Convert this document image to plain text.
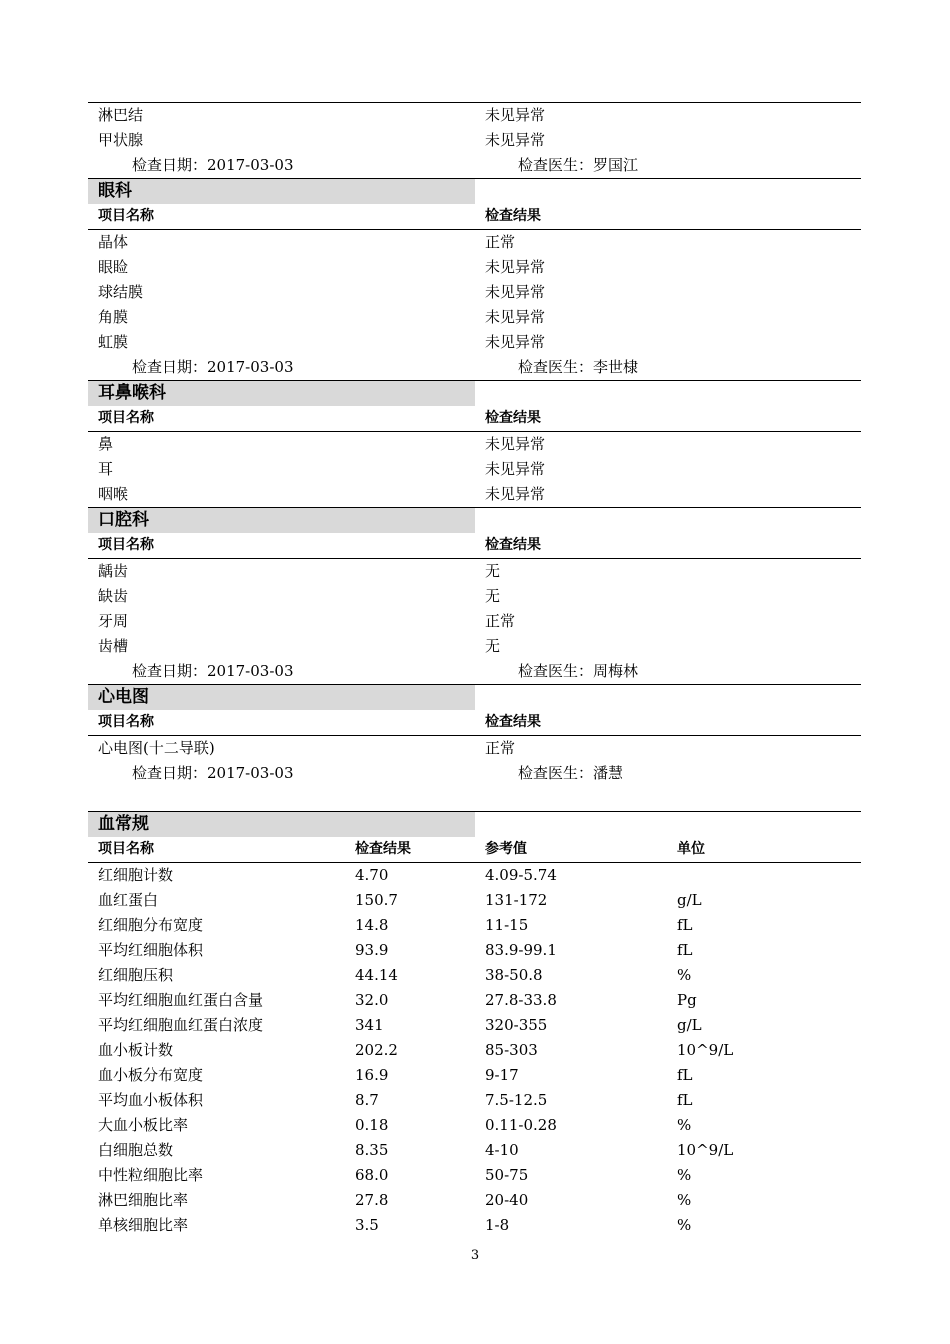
淋巴结	未见异常
甲状腺	未见异常
检查日期：2017-03-03	检查医生：罗国江
眼科
项目名称	检查结果
晶体	正常
眼睑	未见异常
球结膜	未见异常
角膜	未见异常
虹膜	未见异常
检查日期：2017-03-03	检查医生：李世棣
耳鼻喉科
项目名称	检查结果
鼻	未见异常
耳	未见异常
咽喉	未见异常
口腔科
项目名称	检查结果
龋齿	无
缺齿	无
牙周	正常
齿槽	无
检查日期：2017-03-03	检查医生：周梅林
心电图
项目名称	检查结果
心电图(十二导联)	正常
检查日期：2017-03-03	检查医生：潘慧
血常规
项目名称	检查结果	参考值	单位
红细胞计数	4.70	4.09-5.74
血红蛋白	150.7	131-172	g/L
红细胞分布宽度	14.8	11-15	fL
平均红细胞体积	93.9	83.9-99.1	fL
红细胞压积	44.14	38-50.8	%
平均红细胞血红蛋白含量	32.0	27.8-33.8	Pg
平均红细胞血红蛋白浓度	341	320-355	g/L
血小板计数	202.2	85-303	10^9/L
血小板分布宽度	16.9	9-17	fL
平均血小板体积	8.7	7.5-12.5	fL
大血小板比率	0.18	0.11-0.28	%
白细胞总数	8.35	4-10	10^9/L
中性粒细胞比率	68.0	50-75	%
淋巴细胞比率	27.8	20-40	%
单核细胞比率	3.5	1-8	%
3
